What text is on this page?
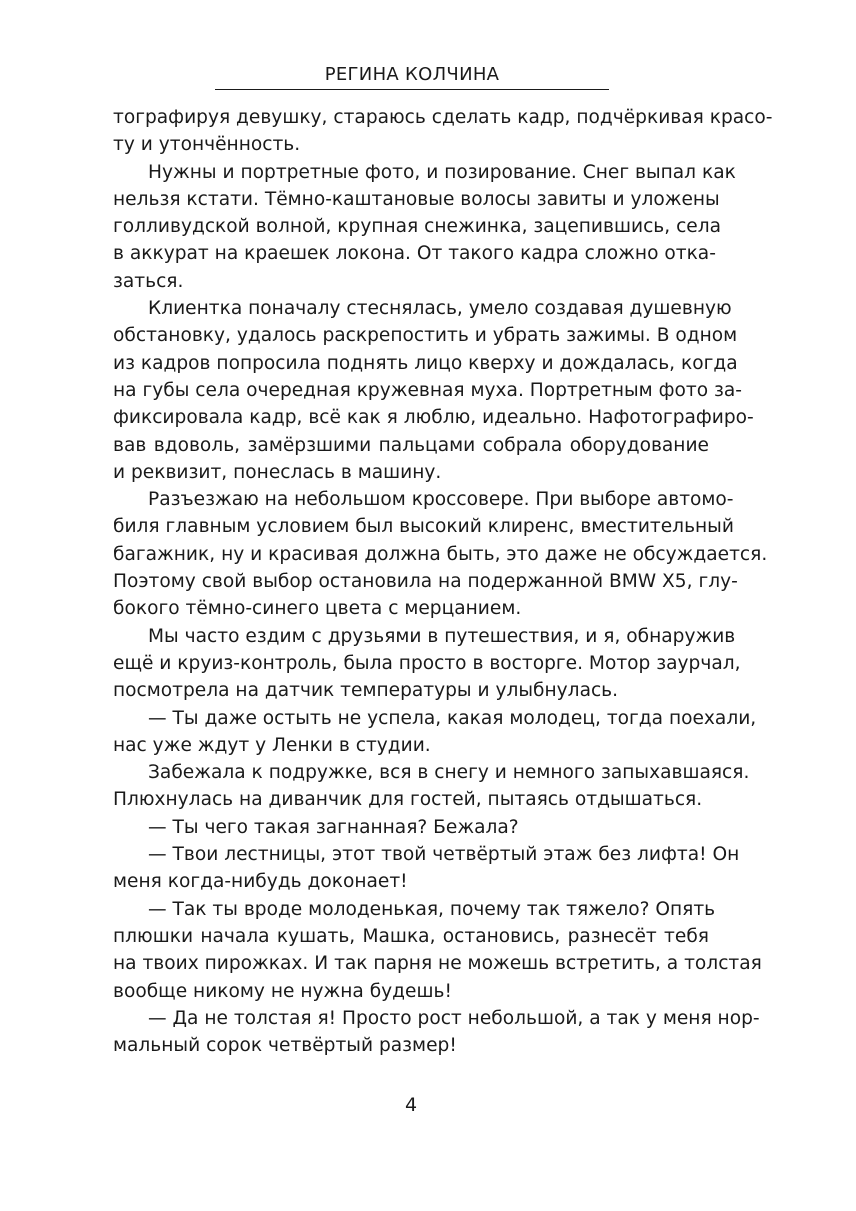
РЕГИНА КОЛЧИНА
тографируя девушку, стараюсь сделать кадр, подчёркивая красо-
ту и утончённость.
Нужны и портретные фото, и позирование. Снег выпал как
нельзя кстати. Тёмно-каштановые волосы завиты и уложены
голливудской волной, крупная снежинка, зацепившись, села
в аккурат на краешек локона. От такого кадра сложно отка-
заться.
Клиентка поначалу стеснялась, умело создавая душевную
обстановку, удалось раскрепостить и убрать зажимы. В одном
из кадров попросила поднять лицо кверху и дождалась, когда
на губы села очередная кружевная муха. Портретным фото за-
фиксировала кадр, всё как я люблю, идеально. Нафотографиро-
вав вдоволь, замёрзшими пальцами собрала оборудование
и реквизит, понеслась в машину.
Разъезжаю на небольшом кроссовере. При выборе автомо-
биля главным условием был высокий клиренс, вместительный
багажник, ну и красивая должна быть, это даже не обсуждается.
Поэтому свой выбор остановила на подержанной BMW X5, глу-
бокого тёмно-синего цвета с мерцанием.
Мы часто ездим с друзьями в путешествия, и я, обнаружив
ещё и круиз-контроль, была просто в восторге. Мотор заурчал,
посмотрела на датчик температуры и улыбнулась.
— Ты даже остыть не успела, какая молодец, тогда поехали,
нас уже ждут у Ленки в студии.
Забежала к подружке, вся в снегу и немного запыхавшаяся.
Плюхнулась на диванчик для гостей, пытаясь отдышаться.
— Ты чего такая загнанная? Бежала?
— Твои лестницы, этот твой четвёртый этаж без лифта! Он
меня когда-нибудь доконает!
— Так ты вроде молоденькая, почему так тяжело? Опять
плюшки начала кушать, Машка, остановись, разнесёт тебя
на твоих пирожках. И так парня не можешь встретить, а толстая
вообще никому не нужна будешь!
— Да не толстая я! Просто рост небольшой, а так у меня нор-
мальный сорок четвёртый размер!
4
